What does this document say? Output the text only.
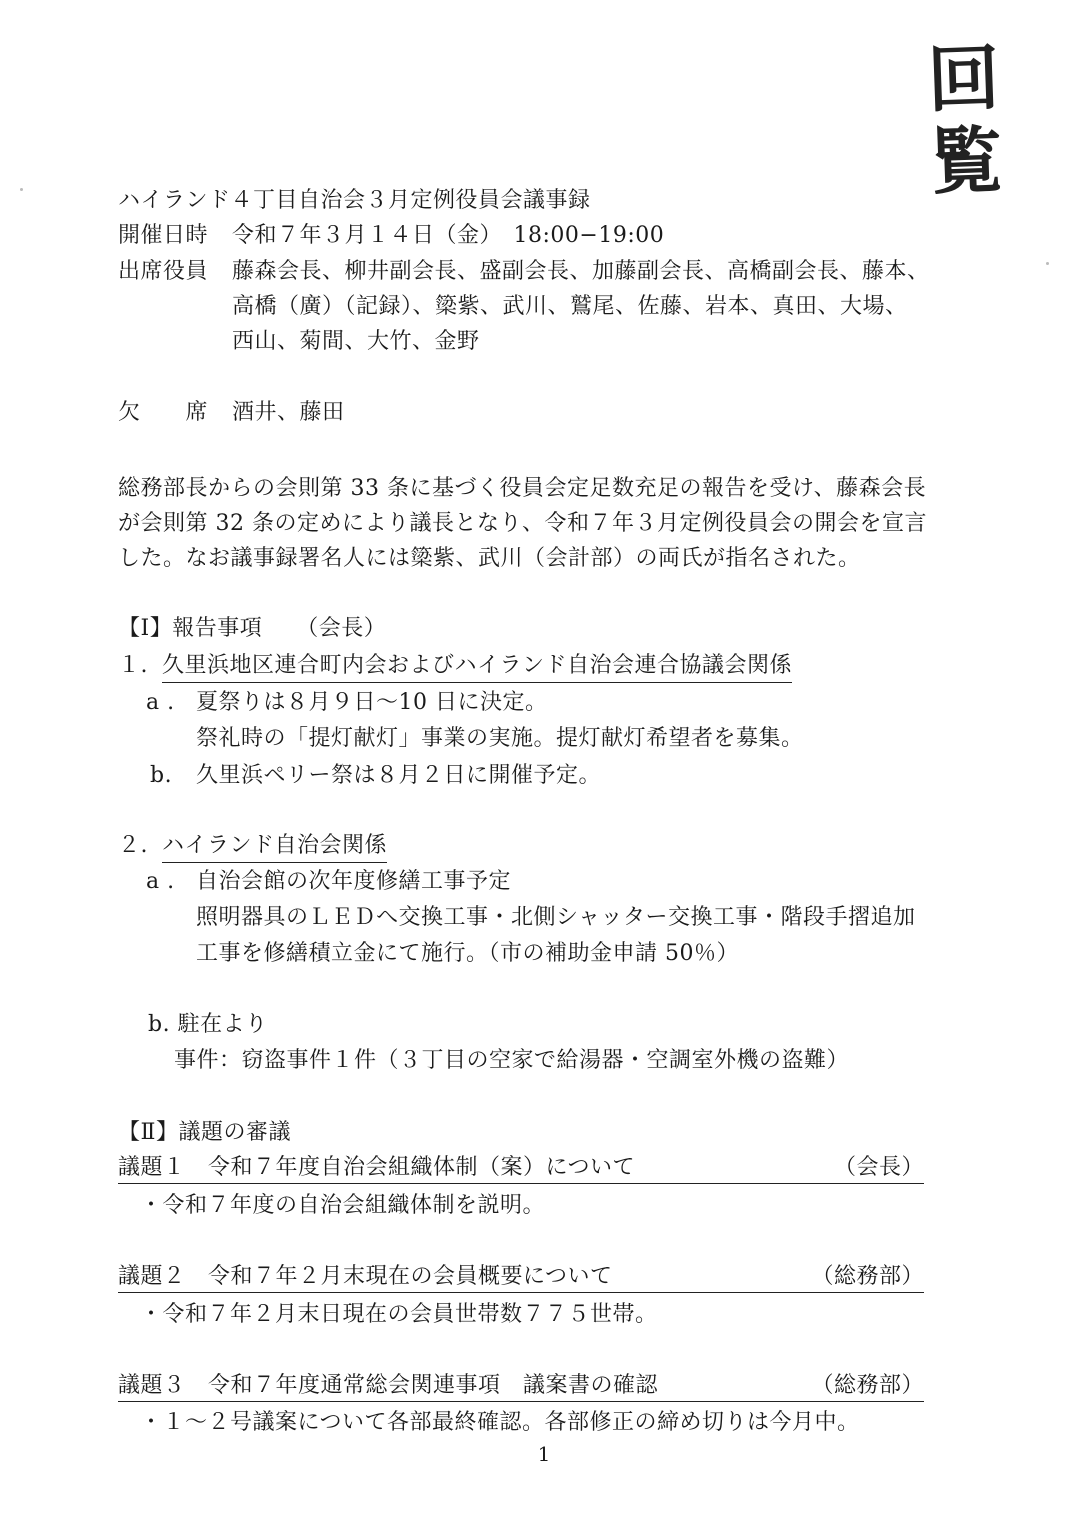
回
覧
ハイランド４丁目自治会３月定例役員会議事録
開催日時 令和７年３月１４日（金）　18:00−19:00
出席役員 藤森会長、柳井副会長、盛副会長、加藤副会長、高橋副会長、藤本、
高橋（廣）（記録）、簗紫、武川、鷲尾、佐藤、岩本、真田、大場、
西山、菊間、大竹、金野
欠　　席 酒井、藤田
総務部長からの会則第 33 条に基づく役員会定足数充足の報告を受け、藤森会長
が会則第 32 条の定めにより議長となり、令和７年３月定例役員会の開会を宣言
した。なお議事録署名人には簗紫、武川（会計部）の両氏が指名された。
【Ⅰ】報告事項　　（会長）
１. 久里浜地区連合町内会およびハイランド自治会連合協議会関係
a . 夏祭りは８月９日～10 日に決定。
祭礼時の「提灯献灯」事業の実施。提灯献灯希望者を募集。
b. 久里浜ペリー祭は８月２日に開催予定。
２. ハイランド自治会関係
a . 自治会館の次年度修繕工事予定
照明器具のＬＥＤへ交換工事・北側シャッター交換工事・階段手摺追加
工事を修繕積立金にて施行。（市の補助金申請 50％）
b. 駐在より
事件：窃盗事件１件（３丁目の空家で給湯器・空調室外機の盗難）
【Ⅱ】議題の審議
議題１　令和７年度自治会組織体制（案）について	（会長）
・令和７年度の自治会組織体制を説明。
議題２　令和７年２月末現在の会員概要について	（総務部）
・令和７年２月末日現在の会員世帯数７７５世帯。
議題３　令和７年度通常総会関連事項　議案書の確認	（総務部）
・１～２号議案について各部最終確認。各部修正の締め切りは今月中。
1
